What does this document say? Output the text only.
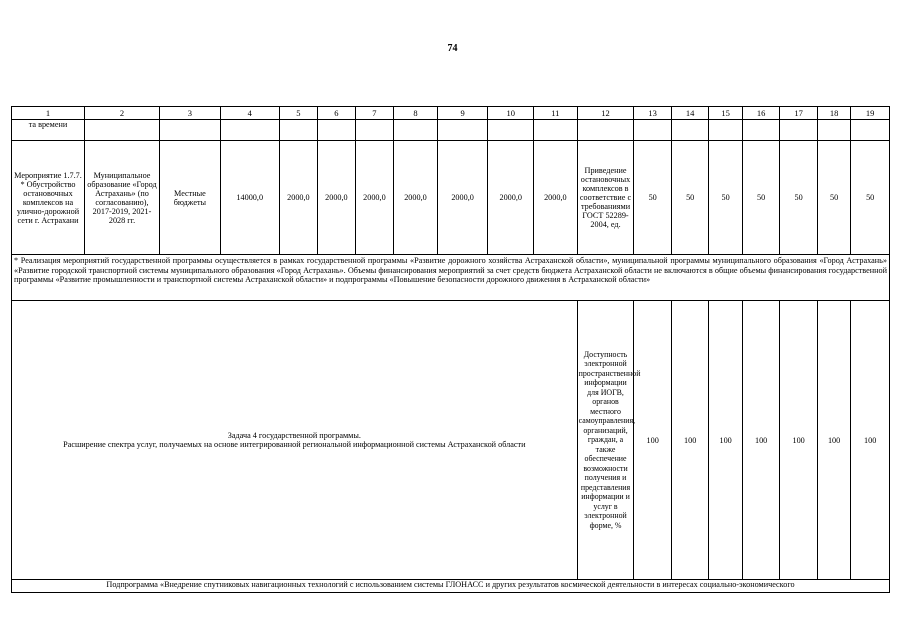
74
1	2	3	4	5	6	7	8	9	10	11	12	13	14	15	16	17	18	19
та времени																		
Мероприятие 1.7.7. * Обустройство остановочных комплексов на улично-дорожной сети г. Астрахани	Муниципальное образование «Город Астрахань» (по согласованию), 2017-2019, 2021-2028 гг.	Местные бюджеты	14000,0	2000,0	2000,0	2000,0	2000,0	2000,0	2000,0	2000,0	Приведение остановочных комплексов в соответствие с требованиями ГОСТ 52289-2004, ед.	50	50	50	50	50	50	50
* Реализация мероприятий государственной программы осуществляется в рамках государственной программы «Развитие дорожного хозяйства Астраханской области», муниципальной программы муниципального образования «Город Астрахань» «Развитие городской транспортной системы муниципального образования «Город Астрахань». Объемы финансирования мероприятий за счет средств бюджета Астраханской области не включаются в общие объемы финансирования государственной программы «Развитие промышленности и транспортной системы Астраханской области» и подпрограммы «Повышение безопасности дорожного движения в Астраханской области»																		

Задача 4 государственной программы.
Расширение спектра услуг, получаемых на основе интегрированной региональной информационной системы Астраханской области											Доступность электронной пространственной информации для ИОГВ, органов местного самоуправления, организаций, граждан, а также обеспечение возможности получения и представления информации и услуг в электронной форме, %	100	100	100	100	100	100	100
Подпрограмма «Внедрение спутниковых навигационных технологий с использованием системы ГЛОНАСС и других результатов космической деятельности в интересах социально-экономического																		
